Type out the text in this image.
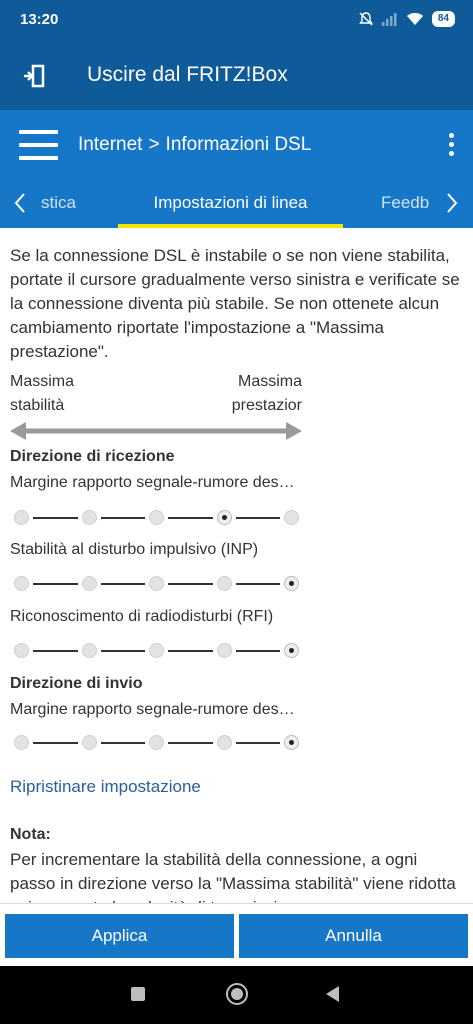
13:20	84
Uscire dal FRITZ!Box
Internet > Informazioni DSL
stica	Impostazioni di linea	Feedb

Se la connessione DSL è instabile o se non viene stabilita, portate il cursore gradualmente verso sinistra e verificate se la connessione diventa più stabile. Se non ottenete alcun cambiamento riportate l'impostazione a "Massima prestazione".

Massima
stabilità
Massima
prestazior
Direzione di ricezione
Margine rapporto segnale-rumore des…
Stabilità al disturbo impulsivo (INP)
Riconoscimento di radiodisturbi (RFI)
Direzione di invio
Margine rapporto segnale-rumore des…
Ripristinare impostazione
Nota:

Per incrementare la stabilità della connessione, a ogni passo in direzione verso la "Massima stabilità" viene ridotta

Applica	Annulla
